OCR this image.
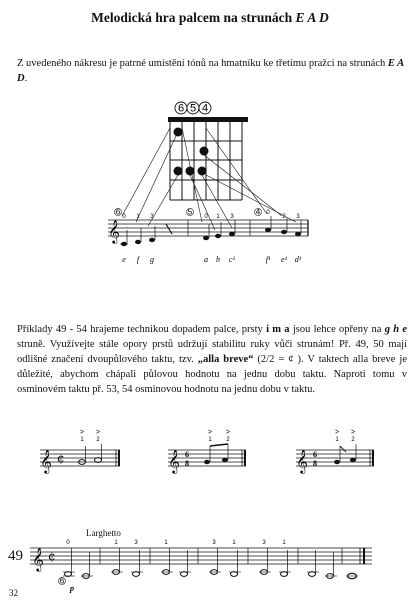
Melodická hra palcem na strunách E A D
Z uvedeného nákresu je patrné umístění tónů na hmatníku ke třetímu pražci na strunách E A D.
6 5 4
𝄞
6	5	4
0 1 3	0 1 3
0
2 3
e f g	a h c¹	f¹ e¹ d¹
𝄞 ¢
> >
1 2
𝄞 6
8
> >
1 2
𝄞 6
8
> >
1 2
𝄞 ¢
0	1	3	1	3	1	3	1
6
p
Příklady 49 - 54 hrajeme technikou dopadem palce, prsty i m a jsou lehce opřeny na g h e struně. Využívejte stále opory prstů udržují stabilitu ruky vůči strunám! Př. 49, 50 mají odlišné značení dvoupůlového taktu, tzv. „alla breve“ (2/2 = ¢ ). V taktech alla breve je důležité, abychom chápali půlovou hodnotu na jednu dobu taktu. Naproti tomu v osminovém taktu př. 53, 54 osminovou hodnotu na jednu dobu v taktu.
Larghetto
49
32
